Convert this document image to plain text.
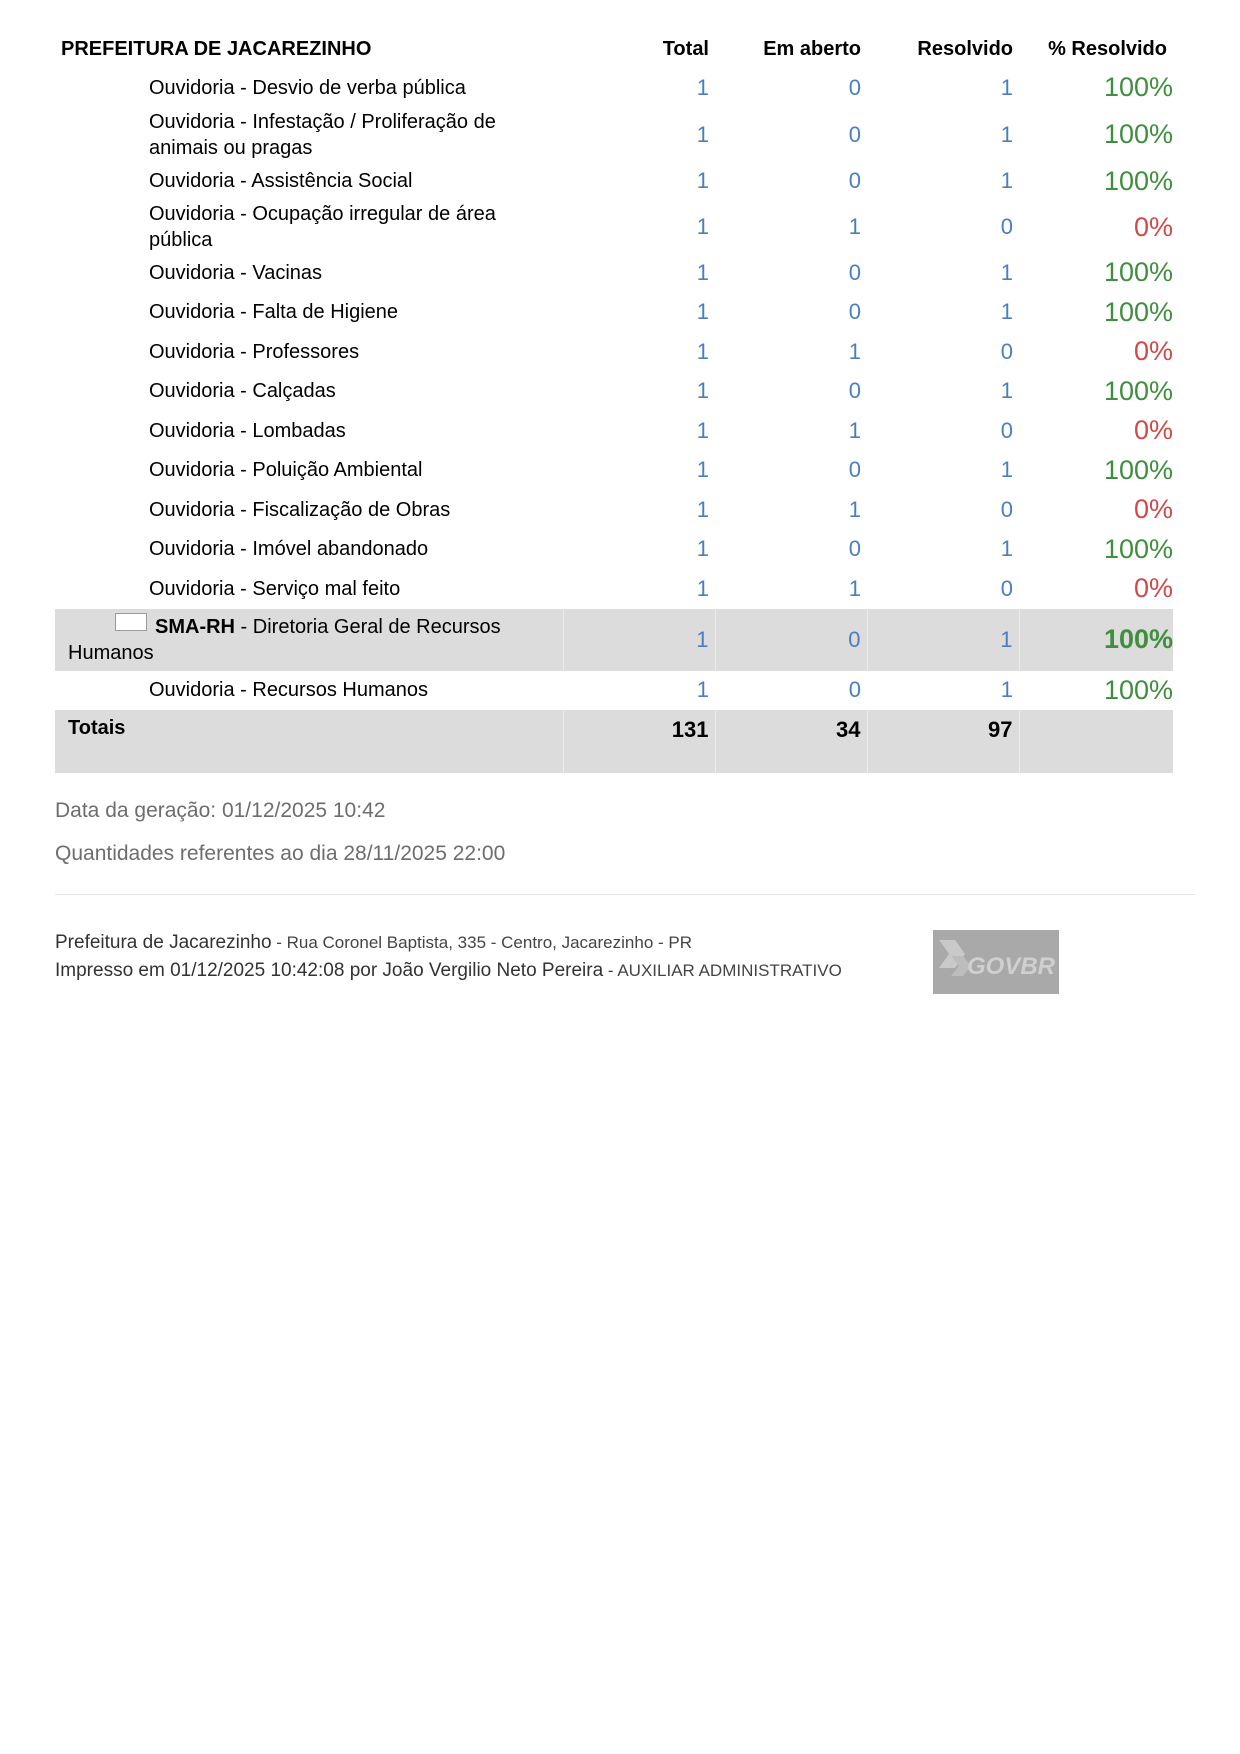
PREFEITURA DE JACAREZINHO	Total	Em aberto	Resolvido	% Resolvido
Ouvidoria - Desvio de verba pública	1	0	1	100%
Ouvidoria - Infestação / Proliferação de animais ou pragas	1	0	1	100%
Ouvidoria - Assistência Social	1	0	1	100%
Ouvidoria - Ocupação irregular de área pública	1	1	0	0%
Ouvidoria - Vacinas	1	0	1	100%
Ouvidoria - Falta de Higiene	1	0	1	100%
Ouvidoria - Professores	1	1	0	0%
Ouvidoria - Calçadas	1	0	1	100%
Ouvidoria - Lombadas	1	1	0	0%
Ouvidoria - Poluição Ambiental	1	0	1	100%
Ouvidoria - Fiscalização de Obras	1	1	0	0%
Ouvidoria - Imóvel abandonado	1	0	1	100%
Ouvidoria - Serviço mal feito	1	1	0	0%
SMA-RH - Diretoria Geral de Recursos Humanos	1	0	1	100%
Ouvidoria - Recursos Humanos	1	0	1	100%
Totais	131	34	97	
Data da geração: 01/12/2025 10:42
Quantidades referentes ao dia 28/11/2025 22:00
Prefeitura de Jacarezinho - Rua Coronel Baptista, 335 - Centro, Jacarezinho - PR
Impresso em 01/12/2025 10:42:08 por João Vergilio Neto Pereira - AUXILIAR ADMINISTRATIVO	GOVBR
